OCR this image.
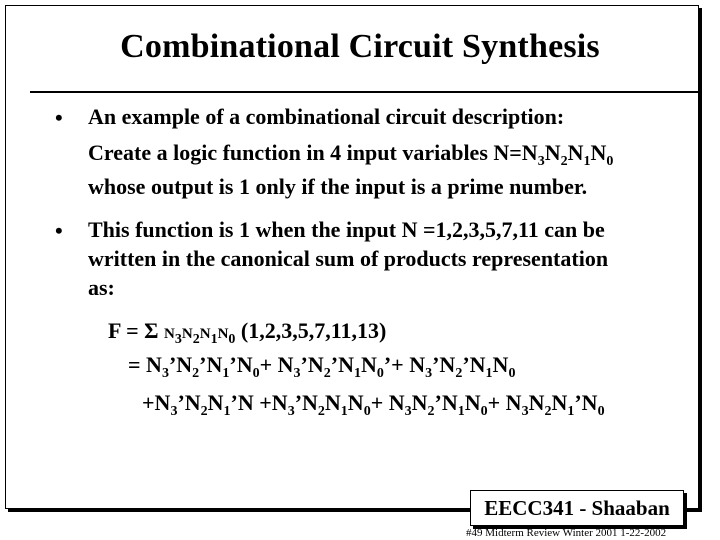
Combinational Circuit Synthesis
• An example of a combinational circuit description:
Create a logic function in 4 input variables $N=N_3N_2N_1N_0$
whose output is 1 only if the input is a prime number.
• This function is 1 when the input N =1,2,3,5,7,11 can be
written in the canonical sum of products representation
as:
F = Σ $N_3N_2N_1N_0$ (1,2,3,5,7,11,13)
= $N_3’N_2’N_1’N_0+$ $N_3’N_2’N_1N_0’+$ $N_3’N_2’N_1N_0$
$+N_3’N_2N_1’N$ $+N_3’N_2N_1N_0+$ $N_3N_2’N_1N_0+$ $N_3N_2N_1’N_0$
EECC341 - Shaaban
#49 Midterm Review Winter 2001 1-22-2002
